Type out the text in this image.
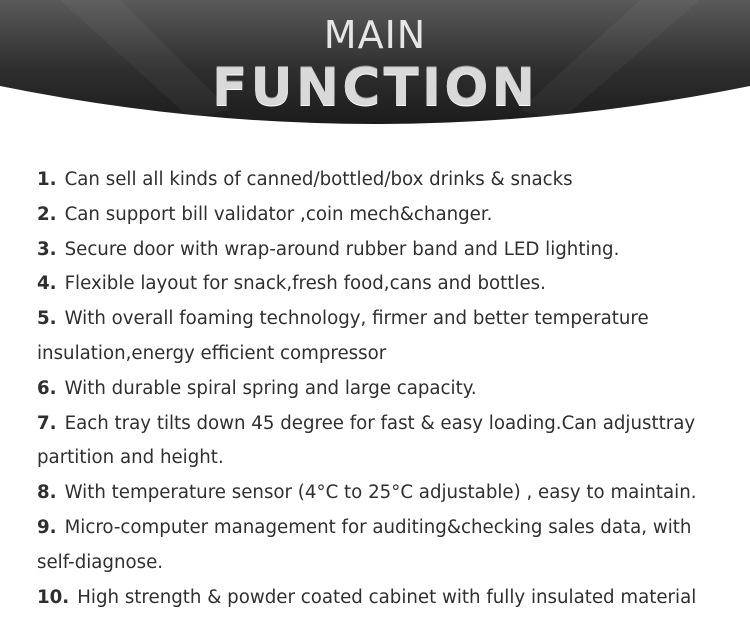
MAIN
FUNCTION
1. Can sell all kinds of canned/bottled/box drinks & snacks
2. Can support bill validator ,coin mech&changer.
3. Secure door with wrap-around rubber band and LED lighting.
4. Flexible layout for snack,fresh food,cans and bottles.
5. With overall foaming technology, firmer and better temperature
insulation,energy efficient compressor
6. With durable spiral spring and large capacity.
7. Each tray tilts down 45 degree for fast & easy loading.Can adjusttray
partition and height.
8. With temperature sensor (4°C to 25°C adjustable) , easy to maintain.
9. Micro-computer management for auditing&checking sales data, with
self-diagnose.
10. High strength & powder coated cabinet with fully insulated material
